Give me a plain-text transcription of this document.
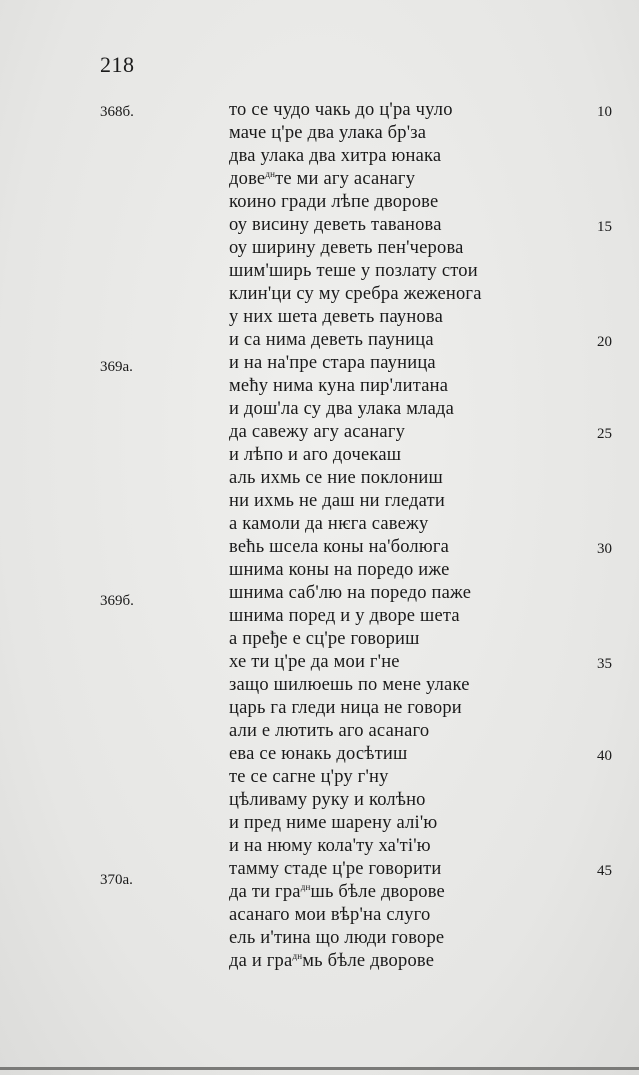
218
368б.
369а.
369б.
370а.
то се чудо чакь до ц'ра чуло
маче ц'ре два улака бр'за
два улака два хитра юнака
дове$^{дн}$те ми агу асанагу
коино гради лѣпе дворове
оу висину деветь таванова
оу ширину деветь пен'черова
шим'ширь теше у позлату стои
клин'ци су му сребра жеженога
у них шета деветь паунова
и са нима деветь пауница
и на на'пре стара пауница
мећу нима куна пир'литана
и дош'ла су два улака млада
да савежу агу асанагу
и лѣпо и аго дочекаш
аль ихмь се ние поклониш
ни ихмь не даш ни гледати
а камоли да нѥга савежу
већь шсела коны на'болюга
шнима коны на поредо иже
шнима саб'лю на поредо паже
шнима поред и у дворе шета
а пређе е сц'ре говориш
хе ти ц'ре да мои г'не
защо шилюешь по мене улаке
царь га гледи ница не говори
али е лютить аго асанаго
ева се юнакь досѣтиш
те се сагне ц'ру г'ну
цѣливаму руку и колѣно
и пред ниме шарену алі'ю
и на нюму кола'ту ха'ті'ю
тамму стаде ц'ре говорити
да ти гра$^{дн}$шь бѣле дворове
асанаго мои вѣр'на слуго
ель и'тина що люди говоре
да и гра$^{дн}$мь бѣле дворове
10
15
20
25
30
35
40
45
